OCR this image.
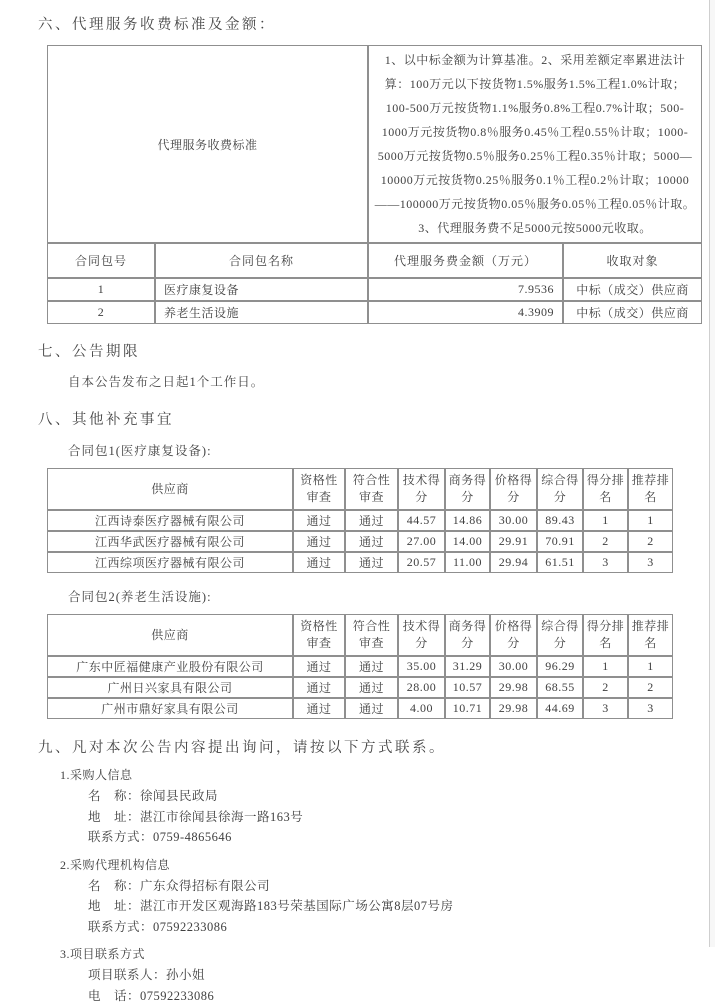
六、代理服务收费标准及金额：
代理服务收费标准		1、以中标金额为计算基准。2、采用差额定率累进法计算：100万元以下按货物1.5%服务1.5%工程1.0%计取；100-500万元按货物1.1%服务0.8%工程0.7%计取；500-1000万元按货物0.8％服务0.45％工程0.55％计取；1000-5000万元按货物0.5％服务0.25％工程0.35％计取；5000—10000万元按货物0.25％服务0.1％工程0.2％计取；10000——100000万元按货物0.05％服务0.05％工程0.05％计取。3、代理服务费不足5000元按5000元收取。	
合同包号	合同包名称	代理服务费金额（万元）	收取对象
1	医疗康复设备	7.9536	中标（成交）供应商
2	养老生活设施	4.3909	中标（成交）供应商
七、公告期限
自本公告发布之日起1个工作日。
八、其他补充事宜
合同包1(医疗康复设备):
供应商	资格性审查	符合性审查	技术得分	商务得分	价格得分	综合得分	得分排名	推荐排名
江西诗泰医疗器械有限公司	通过	通过	44.57	14.86	30.00	89.43	1	1
江西华武医疗器械有限公司	通过	通过	27.00	14.00	29.91	70.91	2	2
江西综项医疗器械有限公司	通过	通过	20.57	11.00	29.94	61.51	3	3
合同包2(养老生活设施):
供应商	资格性审查	符合性审查	技术得分	商务得分	价格得分	综合得分	得分排名	推荐排名
广东中匠福健康产业股份有限公司	通过	通过	35.00	31.29	30.00	96.29	1	1
广州日兴家具有限公司	通过	通过	28.00	10.57	29.98	68.55	2	2
广州市鼎好家具有限公司	通过	通过	4.00	10.71	29.98	44.69	3	3
九、凡对本次公告内容提出询问，请按以下方式联系。
1.采购人信息
名　称：徐闻县民政局
地　址：湛江市徐闻县徐海一路163号
联系方式：0759-4865646
2.采购代理机构信息
名　称：广东众得招标有限公司
地　址：湛江市开发区观海路183号荣基国际广场公寓8层07号房
联系方式：07592233086
3.项目联系方式
项目联系人：孙小姐
电　话：07592233086
